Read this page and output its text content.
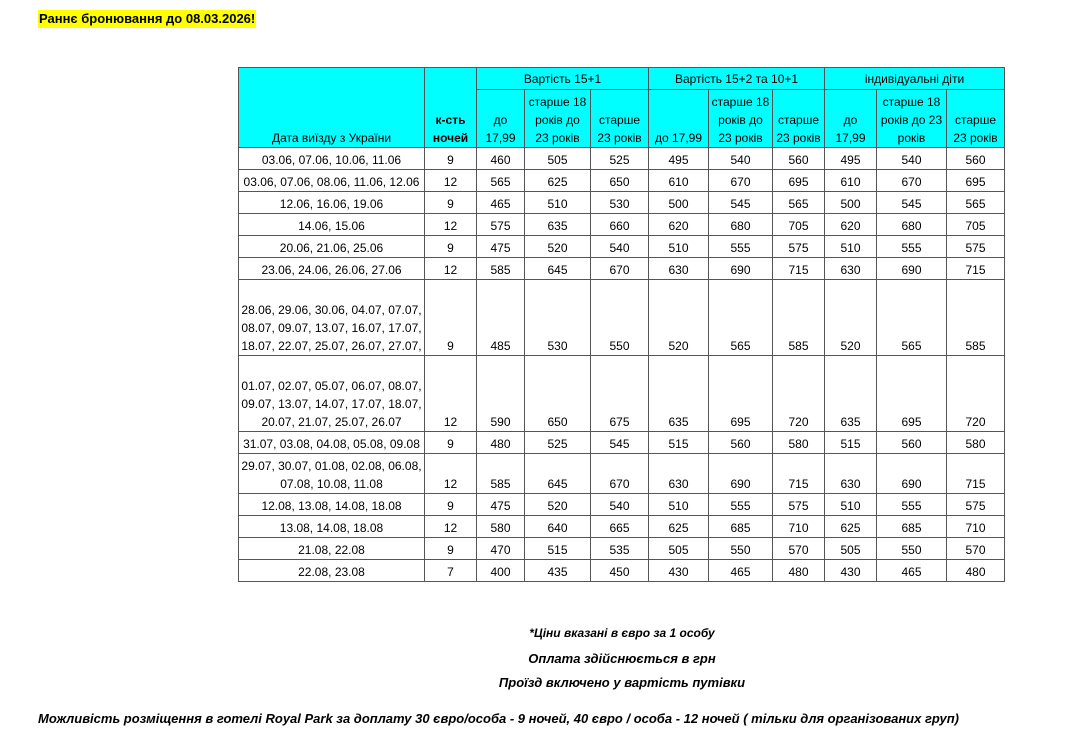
Раннє бронювання до 08.03.2026!
Дата виїзду з України	к-сть ночей	Вартість 15+1			Вартість 15+2 та 10+1			індивідуальні діти		
		до 17,99	старше 18 років до 23 років	старше 23 років	до 17,99	старше 18 років до 23 років	старше 23 років	до 17,99	старше 18 років до 23 років	старше 23 років
03.06, 07.06, 10.06, 11.06	9	460	505	525	495	540	560	495	540	560
03.06, 07.06, 08.06, 11.06, 12.06	12	565	625	650	610	670	695	610	670	695
12.06, 16.06, 19.06	9	465	510	530	500	545	565	500	545	565
14.06, 15.06	12	575	635	660	620	680	705	620	680	705
20.06, 21.06, 25.06	9	475	520	540	510	555	575	510	555	575
23.06, 24.06, 26.06, 27.06	12	585	645	670	630	690	715	630	690	715
28.06, 29.06, 30.06, 04.07, 07.07, 08.07, 09.07, 13.07, 16.07, 17.07, 18.07, 22.07, 25.07, 26.07, 27.07,	9	485	530	550	520	565	585	520	565	585
01.07, 02.07, 05.07, 06.07, 08.07, 09.07, 13.07, 14.07, 17.07, 18.07, 20.07, 21.07, 25.07, 26.07	12	590	650	675	635	695	720	635	695	720
31.07, 03.08, 04.08, 05.08, 09.08	9	480	525	545	515	560	580	515	560	580
29.07, 30.07, 01.08, 02.08, 06.08, 07.08, 10.08, 11.08	12	585	645	670	630	690	715	630	690	715
12.08, 13.08, 14.08, 18.08	9	475	520	540	510	555	575	510	555	575
13.08, 14.08, 18.08	12	580	640	665	625	685	710	625	685	710
21.08, 22.08	9	470	515	535	505	550	570	505	550	570
22.08, 23.08	7	400	435	450	430	465	480	430	465	480
*Ціни вказані в євро за 1 особу
Оплата здійснюється в грн
Проїзд включено у вартість путівки
Можливість розміщення в готелі Royal Park за доплату 30 євро/особа - 9 ночей, 40 євро / особа - 12 ночей ( тільки для організованих груп)
